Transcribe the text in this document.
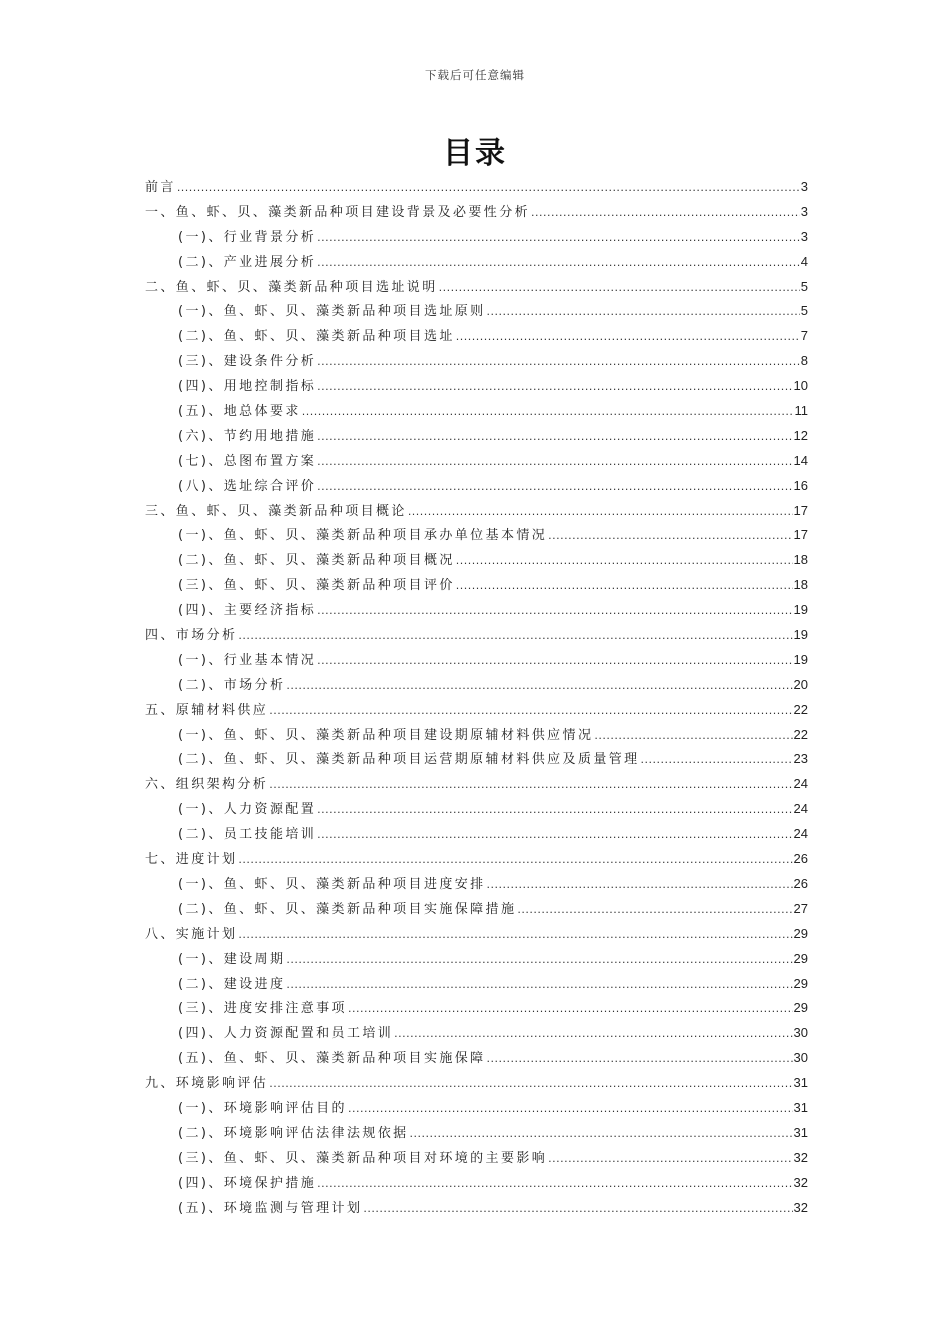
下载后可任意编辑
目录
前言 .....	3
一、鱼、虾、贝、藻类新品种项目建设背景及必要性分析 .....	3
(一)、行业背景分析 .....	3
(二)、产业进展分析 .....	4
二、鱼、虾、贝、藻类新品种项目选址说明 .....	5
(一)、鱼、虾、贝、藻类新品种项目选址原则 .....	5
(二)、鱼、虾、贝、藻类新品种项目选址 .....	7
(三)、建设条件分析 .....	8
(四)、用地控制指标 .....	10
(五)、地总体要求 .....	11
(六)、节约用地措施 .....	12
(七)、总图布置方案 .....	14
(八)、选址综合评价 .....	16
三、鱼、虾、贝、藻类新品种项目概论 .....	17
(一)、鱼、虾、贝、藻类新品种项目承办单位基本情况 .....	17
(二)、鱼、虾、贝、藻类新品种项目概况 .....	18
(三)、鱼、虾、贝、藻类新品种项目评价 .....	18
(四)、主要经济指标 .....	19
四、市场分析 .....	19
(一)、行业基本情况 .....	19
(二)、市场分析 .....	20
五、原辅材料供应 .....	22
(一)、鱼、虾、贝、藻类新品种项目建设期原辅材料供应情况 .....	22
(二)、鱼、虾、贝、藻类新品种项目运营期原辅材料供应及质量管理 .....	23
六、组织架构分析 .....	24
(一)、人力资源配置 .....	24
(二)、员工技能培训 .....	24
七、进度计划 .....	26
(一)、鱼、虾、贝、藻类新品种项目进度安排 .....	26
(二)、鱼、虾、贝、藻类新品种项目实施保障措施 .....	27
八、实施计划 .....	29
(一)、建设周期 .....	29
(二)、建设进度 .....	29
(三)、进度安排注意事项 .....	29
(四)、人力资源配置和员工培训 .....	30
(五)、鱼、虾、贝、藻类新品种项目实施保障 .....	30
九、环境影响评估 .....	31
(一)、环境影响评估目的 .....	31
(二)、环境影响评估法律法规依据 .....	31
(三)、鱼、虾、贝、藻类新品种项目对环境的主要影响 .....	32
(四)、环境保护措施 .....	32
(五)、环境监测与管理计划 .....	32
